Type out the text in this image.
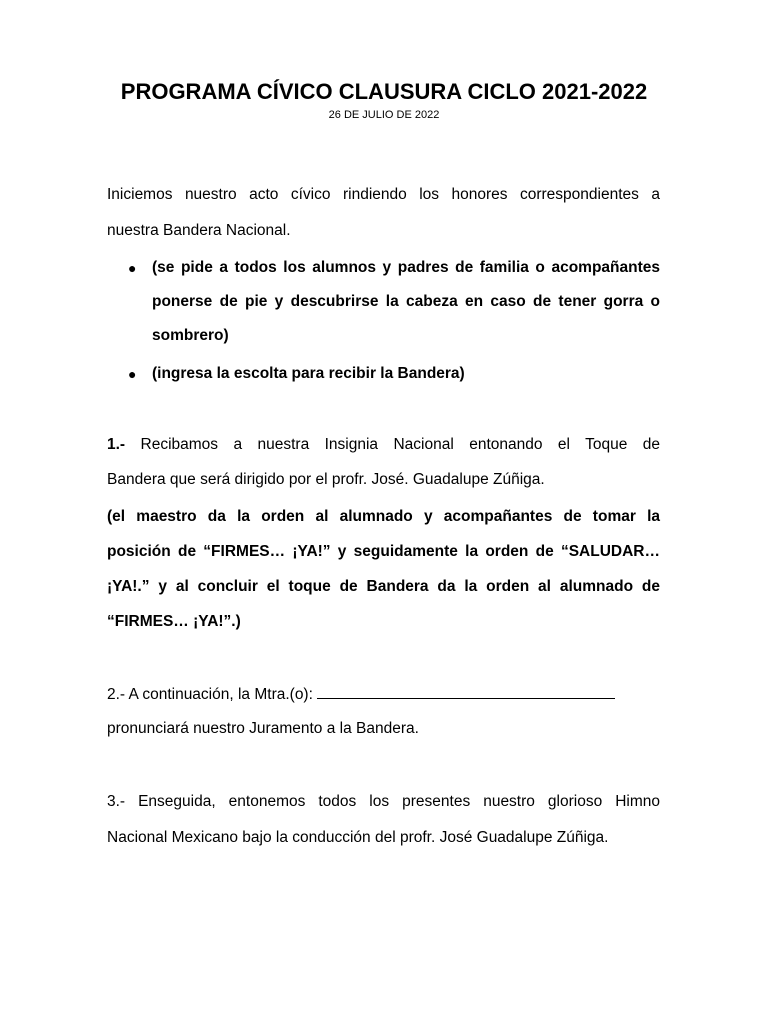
PROGRAMA CÍVICO CLAUSURA CICLO 2021-2022
26 DE JULIO DE 2022
Iniciemos nuestro acto cívico rindiendo los honores correspondientes a
nuestra Bandera Nacional.
● (se pide a todos los alumnos y padres de familia o acompañantes
ponerse de pie y descubrirse la cabeza en caso de tener gorra o
sombrero)
● (ingresa la escolta para recibir la Bandera)
1.- Recibamos a nuestra Insignia Nacional entonando el Toque de
Bandera que será dirigido por el profr. José. Guadalupe Zúñiga.
(el maestro da la orden al alumnado y acompañantes de tomar la
posición de “FIRMES… ¡YA!” y seguidamente la orden de “SALUDAR…
¡YA!.” y al concluir el toque de Bandera da la orden al alumnado de
“FIRMES… ¡YA!”.)
2.- A continuación, la Mtra.(o):
pronunciará nuestro Juramento a la Bandera.
3.- Enseguida, entonemos todos los presentes nuestro glorioso Himno
Nacional Mexicano bajo la conducción del profr. José Guadalupe Zúñiga.
